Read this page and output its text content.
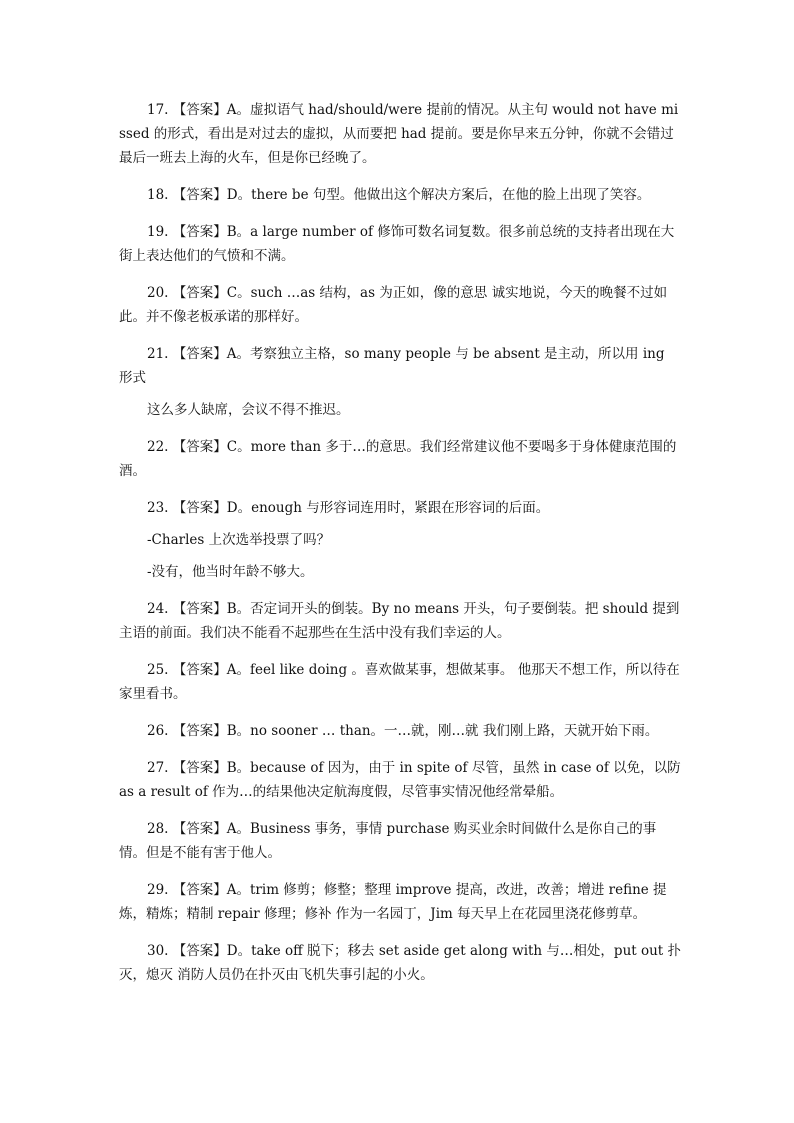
17. 【答案】A。虚拟语气 had/should/were 提前的情况。从主句 would not have missed 的形式，看出是对过去的虚拟，从而要把 had 提前。要是你早来五分钟，你就不会错过最后一班去上海的火车，但是你已经晚了。

18. 【答案】D。there be 句型。他做出这个解决方案后，在他的脸上出现了笑容。

19. 【答案】B。a large number of 修饰可数名词复数。很多前总统的支持者出现在大街上表达他们的气愤和不满。

20. 【答案】C。such …as 结构，as 为正如，像的意思 诚实地说，今天的晚餐不过如此。并不像老板承诺的那样好。

21. 【答案】A。考察独立主格，so many people 与 be absent 是主动，所以用 ing 形式

这么多人缺席，会议不得不推迟。

22. 【答案】C。more than 多于…的意思。我们经常建议他不要喝多于身体健康范围的酒。

23. 【答案】D。enough 与形容词连用时，紧跟在形容词的后面。

-Charles 上次选举投票了吗？

-没有，他当时年龄不够大。

24. 【答案】B。否定词开头的倒装。By no means 开头，句子要倒装。把 should 提到主语的前面。我们决不能看不起那些在生活中没有我们幸运的人。

25. 【答案】A。feel like doing 。喜欢做某事，想做某事。 他那天不想工作，所以待在家里看书。

26. 【答案】B。no sooner … than。一…就，刚…就 我们刚上路，天就开始下雨。

27. 【答案】B。because of 因为，由于 in spite of 尽管，虽然 in case of 以免，以防 as a result of 作为…的结果他决定航海度假，尽管事实情况他经常晕船。

28. 【答案】A。Business 事务，事情 purchase 购买业余时间做什么是你自己的事情。但是不能有害于他人。

29. 【答案】A。trim 修剪；修整；整理 improve 提高，改进，改善；增进 refine 提炼，精炼；精制 repair 修理；修补 作为一名园丁，Jim 每天早上在花园里浇花修剪草。

30. 【答案】D。take off 脱下；移去 set aside get along with 与…相处，put out 扑灭，熄灭 消防人员仍在扑灭由飞机失事引起的小火。
